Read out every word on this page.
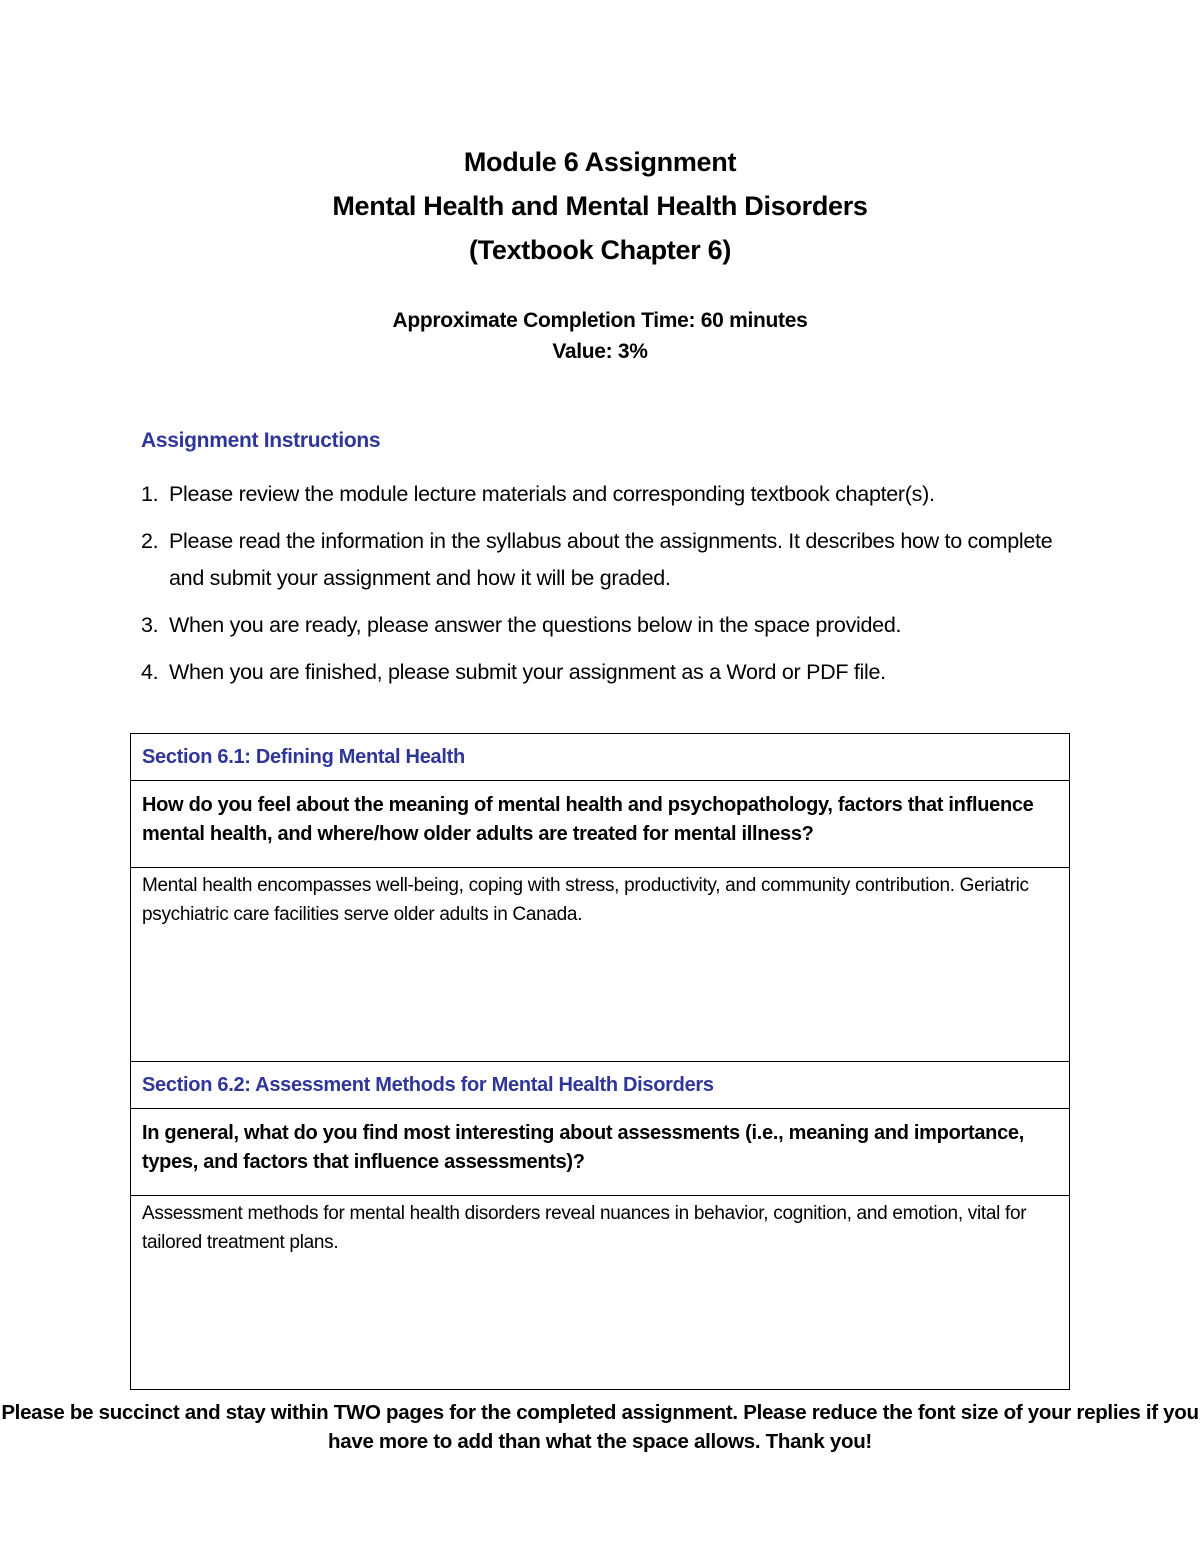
Module 6 Assignment
Mental Health and Mental Health Disorders
(Textbook Chapter 6)
Approximate Completion Time: 60 minutes
Value: 3%
Assignment Instructions
1. Please review the module lecture materials and corresponding textbook chapter(s).
2. Please read the information in the syllabus about the assignments. It describes how to complete and submit your assignment and how it will be graded.
3. When you are ready, please answer the questions below in the space provided.
4. When you are finished, please submit your assignment as a Word or PDF file.
Section 6.1: Defining Mental Health
How do you feel about the meaning of mental health and psychopathology, factors that influence mental health, and where/how older adults are treated for mental illness?
Mental health encompasses well-being, coping with stress, productivity, and community contribution. Geriatric psychiatric care facilities serve older adults in Canada.
Section 6.2: Assessment Methods for Mental Health Disorders
In general, what do you find most interesting about assessments (i.e., meaning and importance, types, and factors that influence assessments)?
Assessment methods for mental health disorders reveal nuances in behavior, cognition, and emotion, vital for tailored treatment plans.
Please be succinct and stay within TWO pages for the completed assignment. Please reduce the font size of your replies if you have more to add than what the space allows. Thank you!
